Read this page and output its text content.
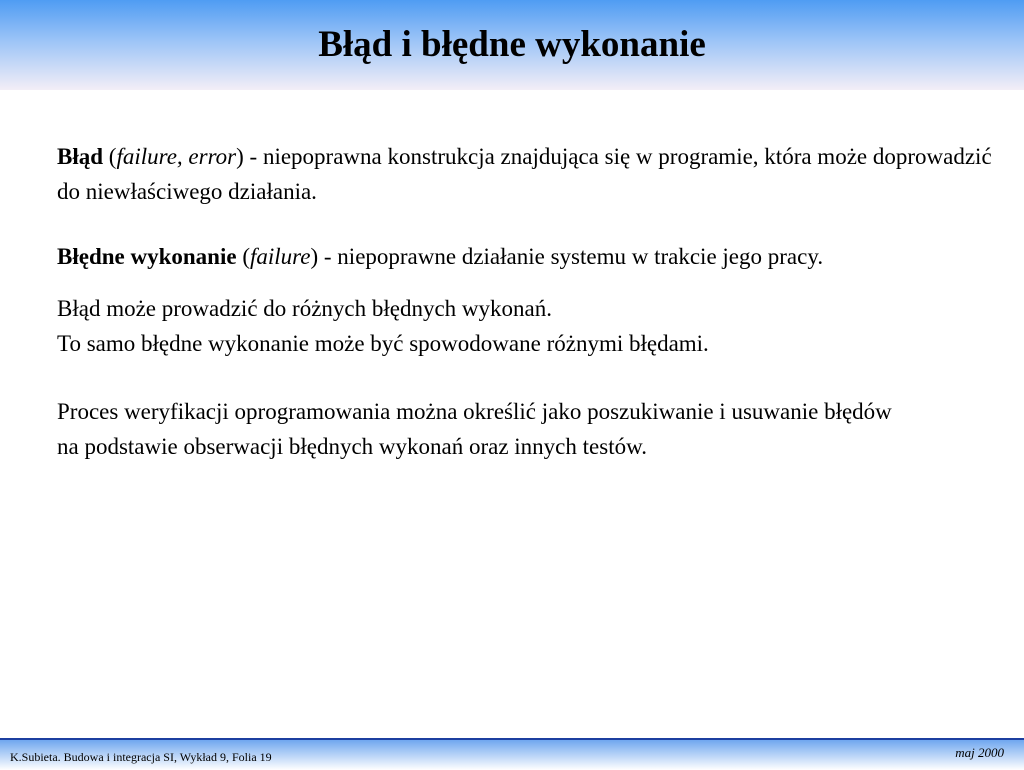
Błąd i błędne wykonanie

Błąd (failure, error) - niepoprawna konstrukcja znajdująca się w programie, która może doprowadzić do niewłaściwego działania.

Błędne wykonanie (failure) - niepoprawne działanie systemu w trakcie jego pracy.

Błąd może prowadzić do różnych błędnych wykonań.
To samo błędne wykonanie może być spowodowane różnymi błędami.

Proces weryfikacji oprogramowania można określić jako poszukiwanie i usuwanie błędów na podstawie obserwacji błędnych wykonań oraz innych testów.

K.Subieta. Budowa i integracja SI, Wykład 9, Folia 19	maj 2000
